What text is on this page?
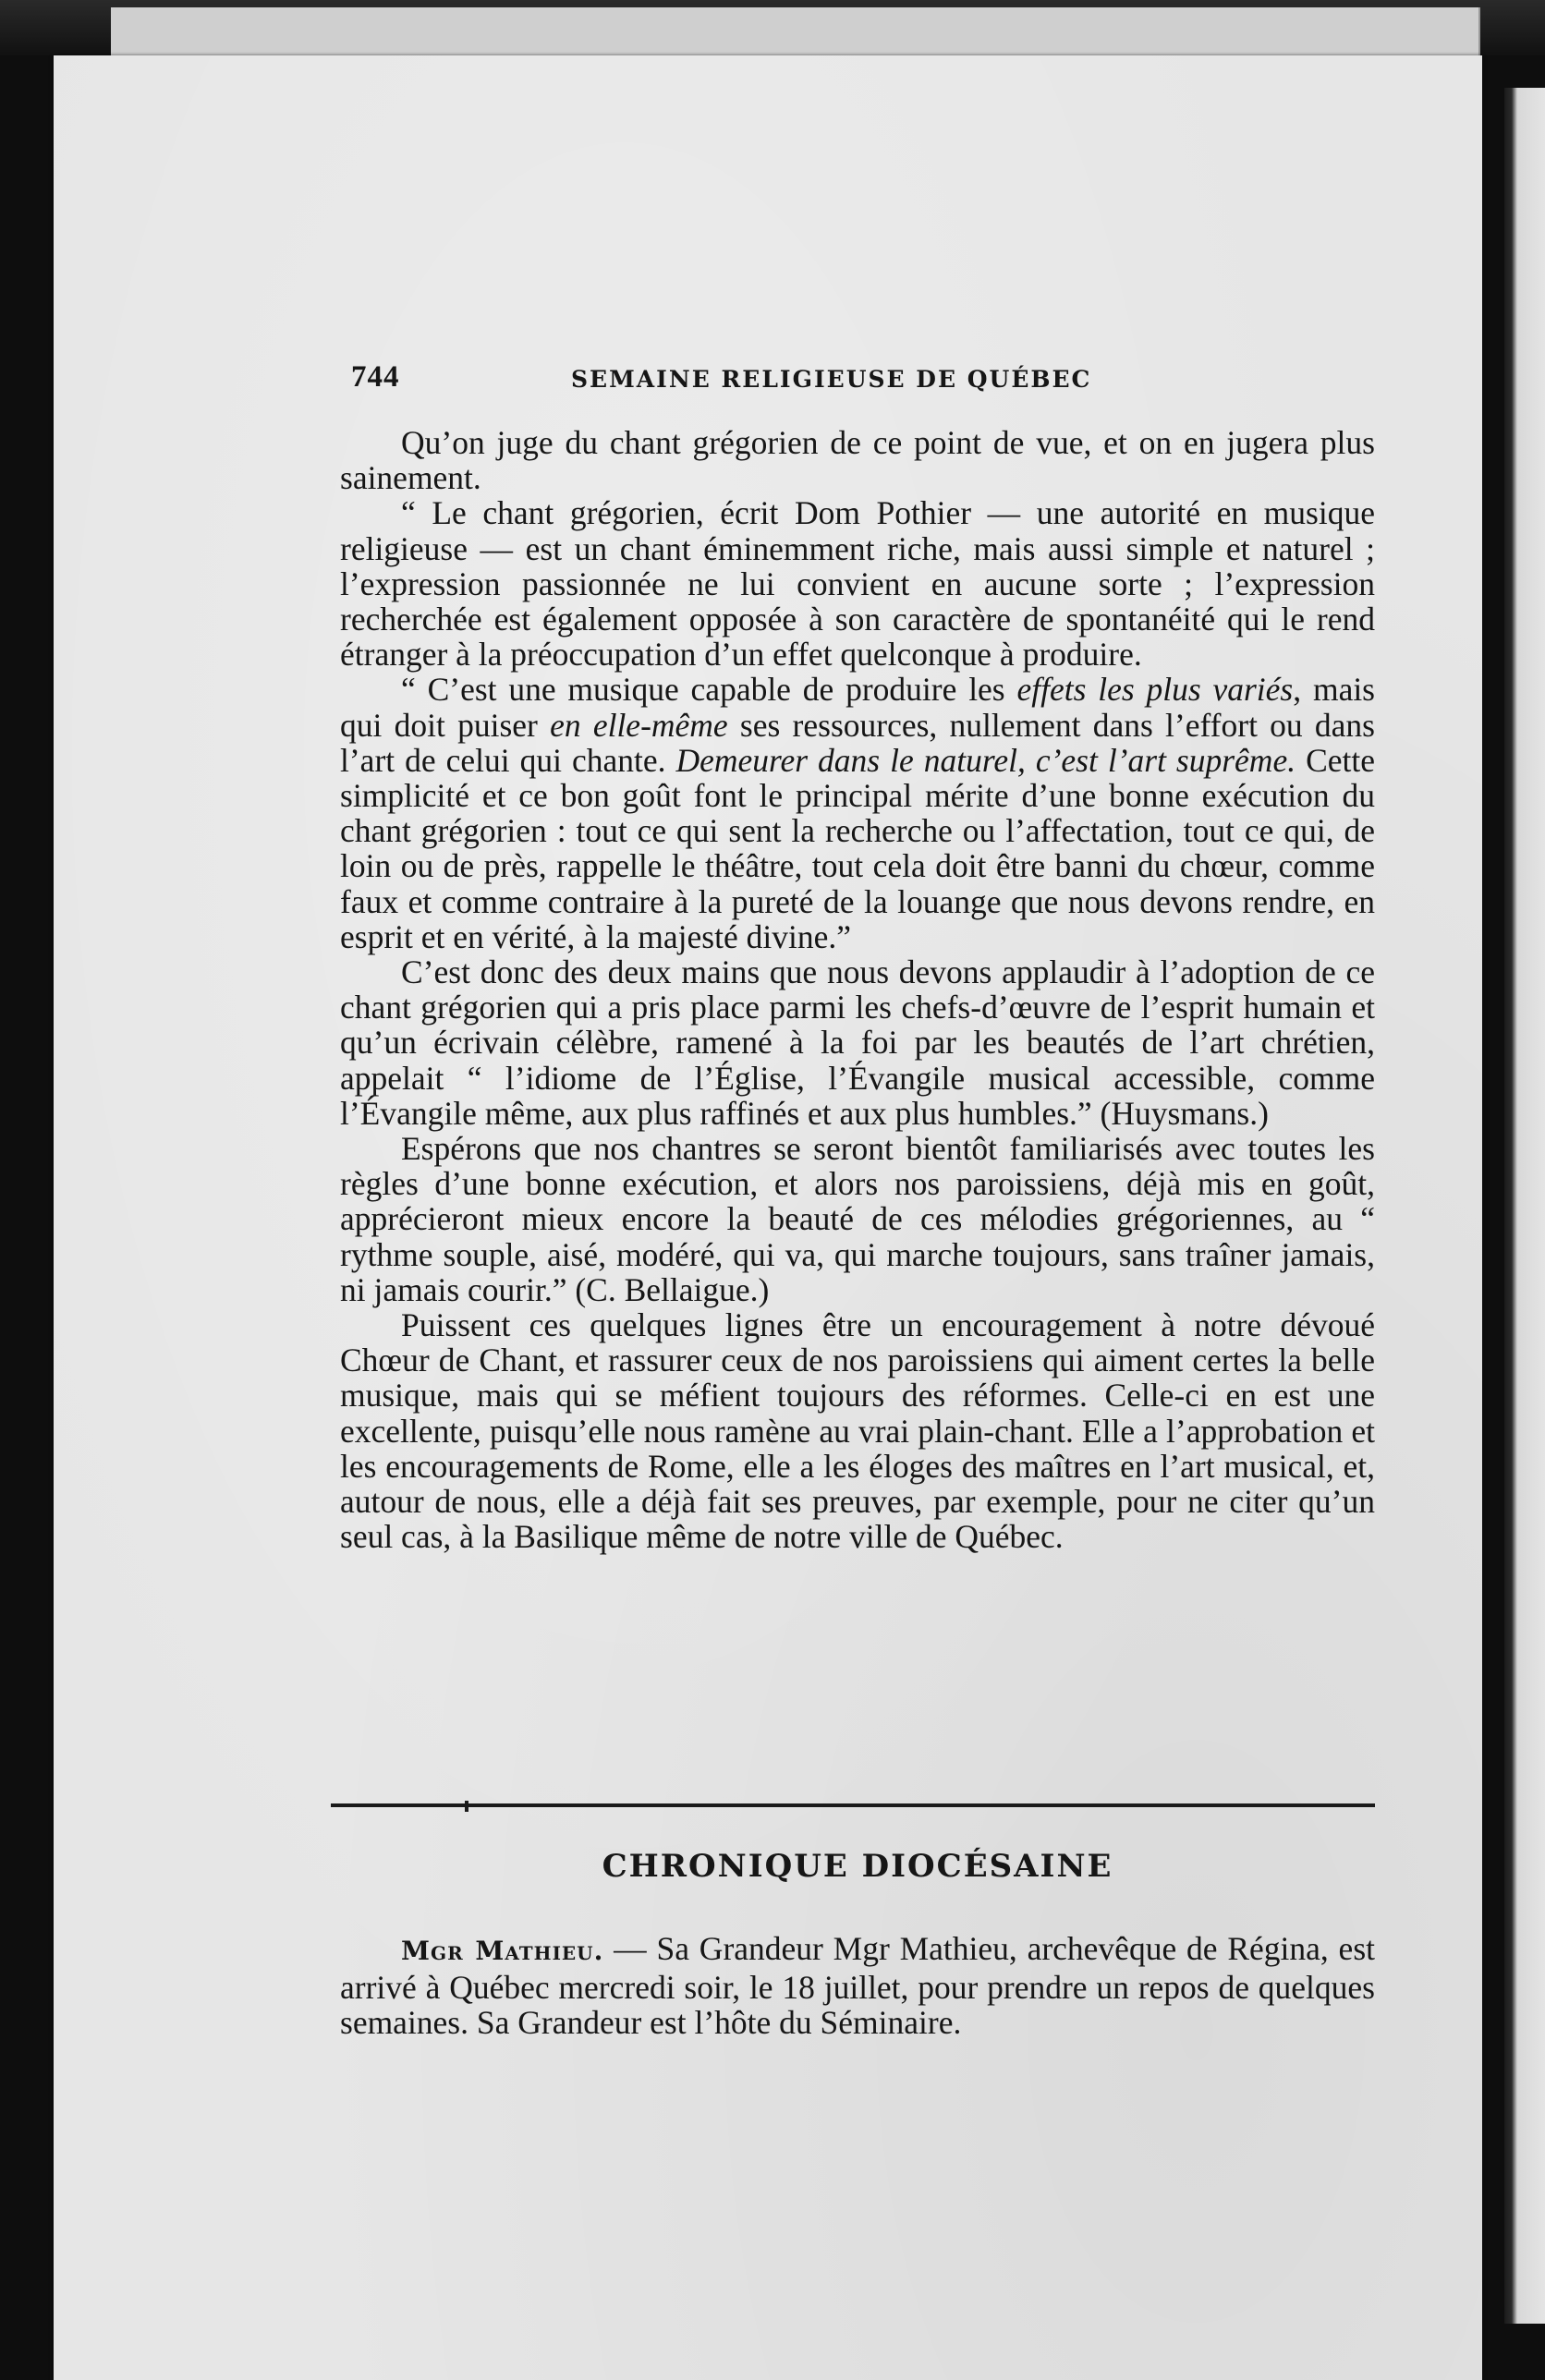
744	SEMAINE RELIGIEUSE DE QUÉBEC

Qu’on juge du chant grégorien de ce point de vue, et on en jugera plus sainement.

“ Le chant grégorien, écrit Dom Pothier — une autorité en musique religieuse — est un chant éminemment riche, mais aussi simple et naturel ; l’expression passionnée ne lui convient en aucune sorte ; l’expression recherchée est également opposée à son caractère de spontanéité qui le rend étranger à la préoccupation d’un effet quelconque à produire.

“ C’est une musique capable de produire les effets les plus variés, mais qui doit puiser en elle-même ses ressources, nullement dans l’effort ou dans l’art de celui qui chante. Demeurer dans le naturel, c’est l’art suprême. Cette simplicité et ce bon goût font le principal mérite d’une bonne exécution du chant grégorien : tout ce qui sent la recherche ou l’affectation, tout ce qui, de loin ou de près, rappelle le théâtre, tout cela doit être banni du chœur, comme faux et comme contraire à la pureté de la louange que nous devons rendre, en esprit et en vérité, à la majesté divine.”

C’est donc des deux mains que nous devons applaudir à l’adoption de ce chant grégorien qui a pris place parmi les chefs-d’œuvre de l’esprit humain et qu’un écrivain célèbre, ramené à la foi par les beautés de l’art chrétien, appelait “ l’idiome de l’Église, l’Évangile musical accessible, comme l’Évangile même, aux plus raffinés et aux plus humbles.” (Huysmans.)

Espérons que nos chantres se seront bientôt familiarisés avec toutes les règles d’une bonne exécution, et alors nos paroissiens, déjà mis en goût, apprécieront mieux encore la beauté de ces mélodies grégoriennes, au “ rythme souple, aisé, modéré, qui va, qui marche toujours, sans traîner jamais, ni jamais courir.” (C. Bellaigue.)

Puissent ces quelques lignes être un encouragement à notre dévoué Chœur de Chant, et rassurer ceux de nos paroissiens qui aiment certes la belle musique, mais qui se méfient toujours des réformes. Celle-ci en est une excellente, puisqu’elle nous ramène au vrai plain-chant. Elle a l’approbation et les encouragements de Rome, elle a les éloges des maîtres en l’art musical, et, autour de nous, elle a déjà fait ses preuves, par exemple, pour ne citer qu’un seul cas, à la Basilique même de notre ville de Québec.

CHRONIQUE DIOCÉSAINE

Mgr Mathieu. — Sa Grandeur Mgr Mathieu, archevêque de Régina, est arrivé à Québec mercredi soir, le 18 juillet, pour prendre un repos de quelques semaines. Sa Grandeur est l’hôte du Séminaire.
